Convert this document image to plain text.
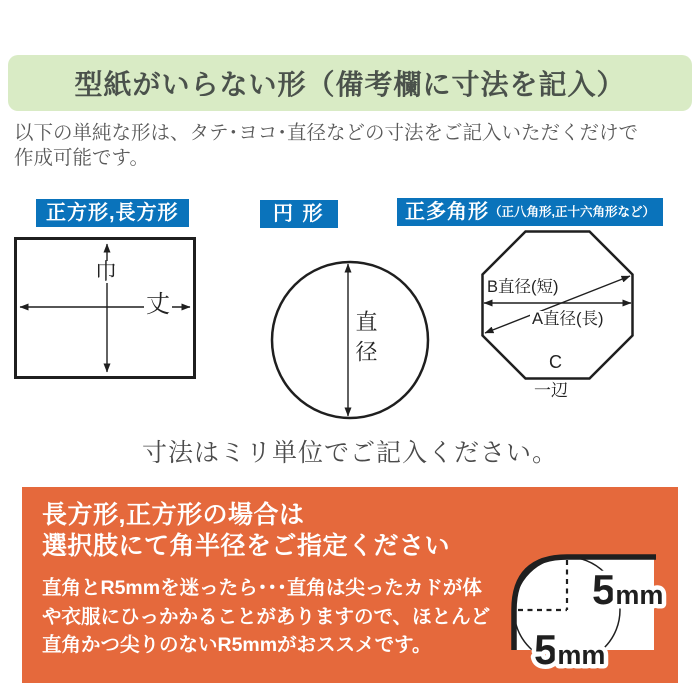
型紙がいらない形（備考欄に寸法を記入）
以下の単純な形は、タテ･ヨコ･直径などの寸法をご記入いただくだけで
作成可能です。
正方形,長方形	円 形	正多角形 （正八角形,正十六角形など）
巾
丈
直径
B直径(短)
A直径(長)
C
一辺
寸法はミリ単位でご記入ください。
長方形,正方形の場合は
選択肢にて角半径をご指定ください
直角とR5mmを迷ったら･･･直角は尖ったカドが体
や衣服にひっかかることがありますので、ほとんど
直角かつ尖りのないR5mmがおススメです。
5mm
5mm
